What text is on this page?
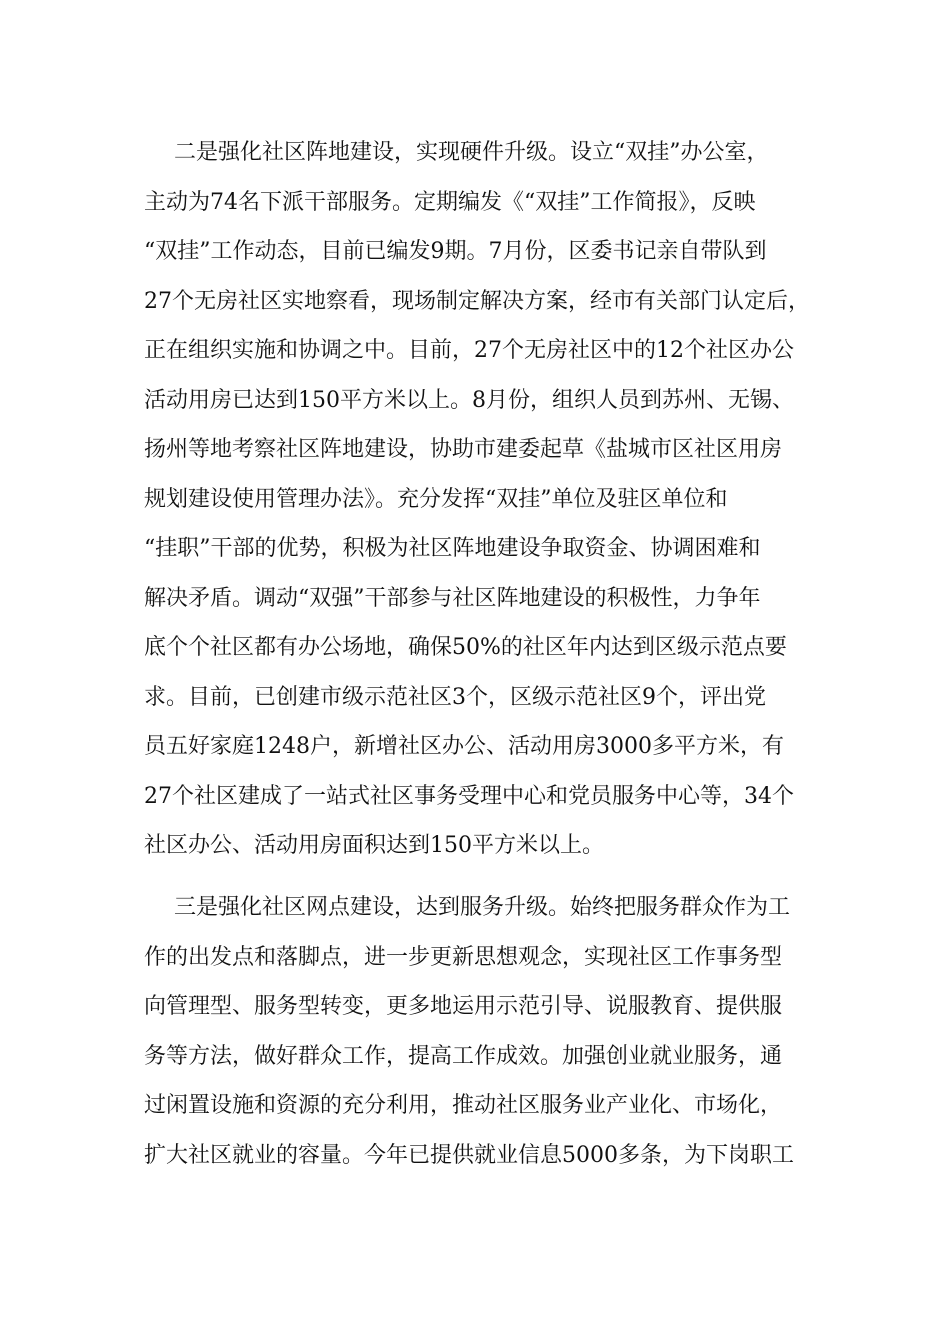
二是强化社区阵地建设，实现硬件升级。设立“双挂”办公室，
主动为74名下派干部服务。定期编发《“双挂”工作简报》，反映
“双挂”工作动态，目前已编发9期。7月份，区委书记亲自带队到
27个无房社区实地察看，现场制定解决方案，经市有关部门认定后，
正在组织实施和协调之中。目前，27个无房社区中的12个社区办公
活动用房已达到150平方米以上。8月份，组织人员到苏州、无锡、
扬州等地考察社区阵地建设，协助市建委起草《盐城市区社区用房
规划建设使用管理办法》。充分发挥“双挂”单位及驻区单位和
“挂职”干部的优势，积极为社区阵地建设争取资金、协调困难和
解决矛盾。调动“双强”干部参与社区阵地建设的积极性，力争年
底个个社区都有办公场地，确保50%的社区年内达到区级示范点要
求。目前，已创建市级示范社区3个，区级示范社区9个，评出党
员五好家庭1248户，新增社区办公、活动用房3000多平方米，有
27个社区建成了一站式社区事务受理中心和党员服务中心等，34个
社区办公、活动用房面积达到150平方米以上。

三是强化社区网点建设，达到服务升级。始终把服务群众作为工
作的出发点和落脚点，进一步更新思想观念，实现社区工作事务型
向管理型、服务型转变，更多地运用示范引导、说服教育、提供服
务等方法，做好群众工作，提高工作成效。加强创业就业服务，通
过闲置设施和资源的充分利用，推动社区服务业产业化、市场化，
扩大社区就业的容量。今年已提供就业信息5000多条，为下岗职工
